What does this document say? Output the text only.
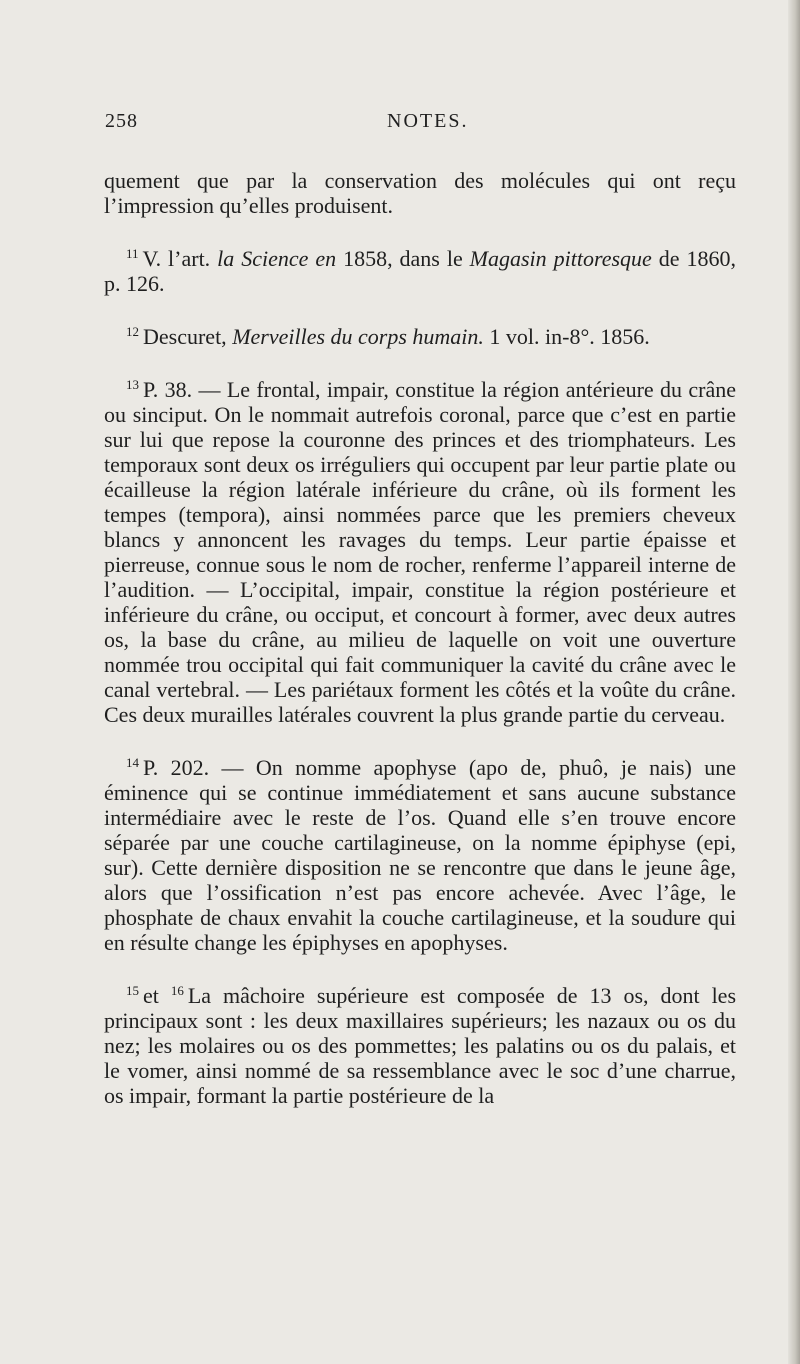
258	NOTES.

quement que par la conservation des molécules qui ont reçu l’impression qu’elles produisent.

$^{11}$ V. l’art. la Science en 1858, dans le Magasin pittoresque de 1860, p. 126.

$^{12}$ Descuret, Merveilles du corps humain. 1 vol. in-8°. 1856.

$^{13}$ P. 38. — Le frontal, impair, constitue la région antérieure du crâne ou sinciput. On le nommait autrefois coronal, parce que c’est en partie sur lui que repose la couronne des princes et des triomphateurs. Les temporaux sont deux os irréguliers qui occupent par leur partie plate ou écailleuse la région latérale inférieure du crâne, où ils forment les tempes (tempora), ainsi nommées parce que les premiers cheveux blancs y annoncent les ravages du temps. Leur partie épaisse et pierreuse, connue sous le nom de rocher, renferme l’appareil interne de l’audition. — L’occipital, impair, constitue la région postérieure et inférieure du crâne, ou occiput, et concourt à former, avec deux autres os, la base du crâne, au milieu de laquelle on voit une ouverture nommée trou occipital qui fait communiquer la cavité du crâne avec le canal vertebral. — Les pariétaux forment les côtés et la voûte du crâne. Ces deux murailles latérales couvrent la plus grande partie du cerveau.

$^{14}$ P. 202. — On nomme apophyse (apo de, phuô, je nais) une éminence qui se continue immédiatement et sans aucune substance intermédiaire avec le reste de l’os. Quand elle s’en trouve encore séparée par une couche cartilagineuse, on la nomme épiphyse (epi, sur). Cette dernière disposition ne se rencontre que dans le jeune âge, alors que l’ossification n’est pas encore achevée. Avec l’âge, le phosphate de chaux envahit la couche cartilagineuse, et la soudure qui en résulte change les épiphyses en apophyses.

$^{15}$ et $^{16}$ La mâchoire supérieure est composée de 13 os, dont les principaux sont : les deux maxillaires supérieurs; les nazaux ou os du nez; les molaires ou os des pommettes; les palatins ou os du palais, et le vomer, ainsi nommé de sa ressemblance avec le soc d’une charrue, os impair, formant la partie postérieure de la
